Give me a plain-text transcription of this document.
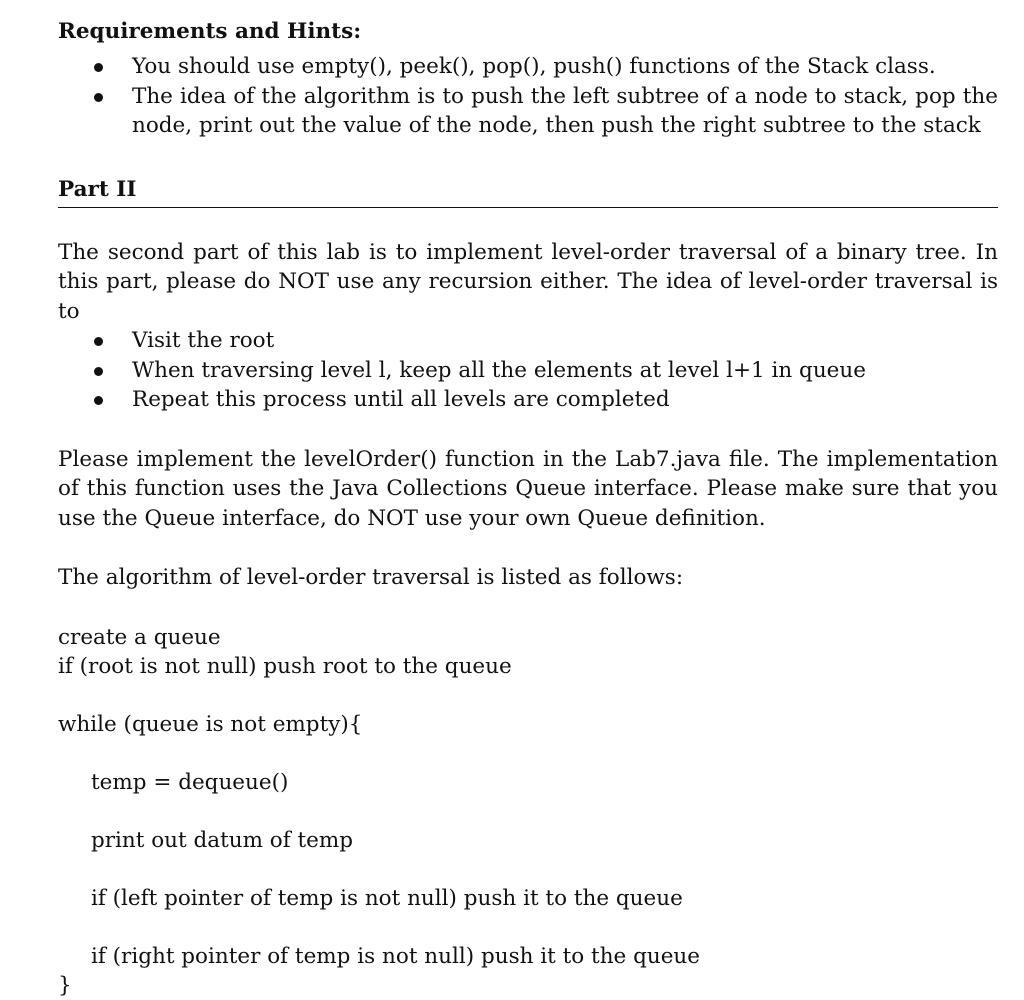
Requirements and Hints:
You should use empty(), peek(), pop(), push() functions of the Stack class.
The idea of the algorithm is to push the left subtree of a node to stack, pop the node, print out the value of the node, then push the right subtree to the stack
Part II

The second part of this lab is to implement level-order traversal of a binary tree. In this part, please do NOT use any recursion either. The idea of level-order traversal is to

Visit the root
When traversing level l, keep all the elements at level l+1 in queue
Repeat this process until all levels are completed

Please implement the levelOrder() function in the Lab7.java file. The implementation of this function uses the Java Collections Queue interface. Please make sure that you use the Queue interface, do NOT use your own Queue definition.

The algorithm of level-order traversal is listed as follows:

create a queue

if (root is not null) push root to the queue

while (queue is not empty){

temp = dequeue()

print out datum of temp

if (left pointer of temp is not null) push it to the queue

if (right pointer of temp is not null) push it to the queue

}
